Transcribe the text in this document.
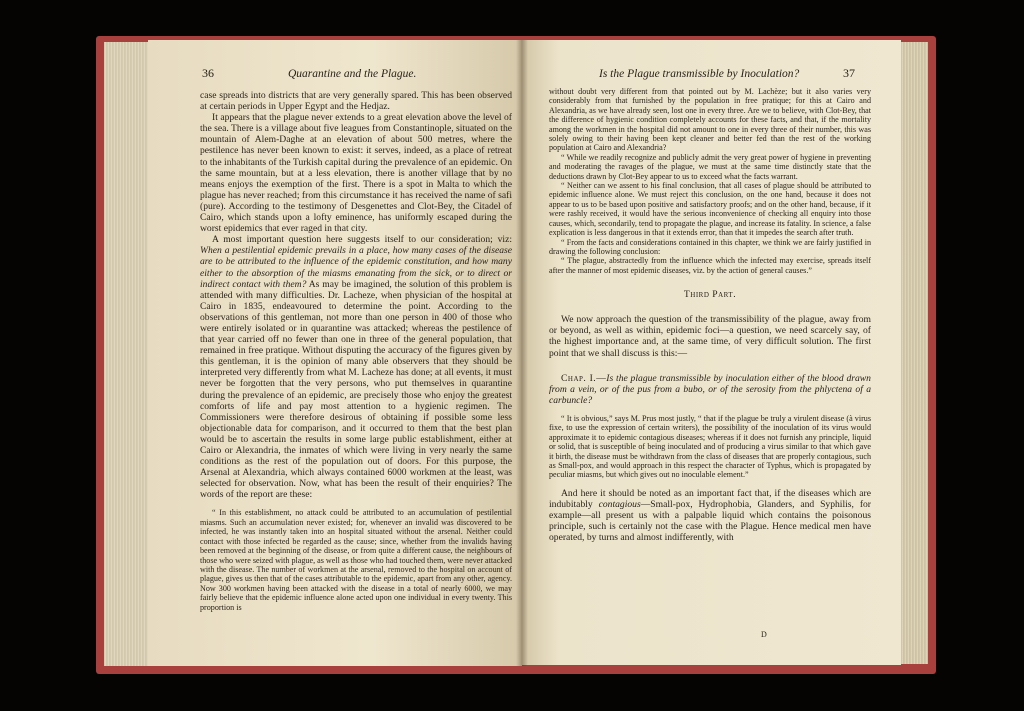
36	Quarantine and the Plague.

case spreads into districts that are very generally spared. This has been observed at certain periods in Upper Egypt and the Hedjaz.

It appears that the plague never extends to a great elevation above the level of the sea. There is a village about five leagues from Constantinople, situated on the mountain of Alem-Daghe at an elevation of about 500 metres, where the pestilence has never been known to exist: it serves, indeed, as a place of retreat to the inhabitants of the Turkish capital during the prevalence of an epidemic. On the same mountain, but at a less elevation, there is another village that by no means enjoys the exemption of the first. There is a spot in Malta to which the plague has never reached; from this circumstance it has received the name of safi (pure). According to the testimony of Desgenettes and Clot-Bey, the Citadel of Cairo, which stands upon a lofty eminence, has uniformly escaped during the worst epidemics that ever raged in that city.

A most important question here suggests itself to our consideration; viz: When a pestilential epidemic prevails in a place, how many cases of the disease are to be attributed to the influence of the epidemic constitution, and how many either to the absorption of the miasms emanating from the sick, or to direct or indirect contact with them? As may be imagined, the solution of this problem is attended with many difficulties. Dr. Lacheze, when physician of the hospital at Cairo in 1835, endeavoured to determine the point. According to the observations of this gentleman, not more than one person in 400 of those who were entirely isolated or in quarantine was attacked; whereas the pestilence of that year carried off no fewer than one in three of the general population, that remained in free pratique. Without disputing the accuracy of the figures given by this gentleman, it is the opinion of many able observers that they should be interpreted very differently from what M. Lacheze has done; at all events, it must never be forgotten that the very persons, who put themselves in quarantine during the prevalence of an epidemic, are precisely those who enjoy the greatest comforts of life and pay most attention to a hygienic regimen. The Commissioners were therefore desirous of obtaining if possible some less objectionable data for comparison, and it occurred to them that the best plan would be to ascertain the results in some large public establishment, either at Cairo or Alexandria, the inmates of which were living in very nearly the same conditions as the rest of the population out of doors. For this purpose, the Arsenal at Alexandria, which always contained 6000 workmen at the least, was selected for observation. Now, what has been the result of their enquiries? The words of the report are these:

“ In this establishment, no attack could be attributed to an accumulation of pestilential miasms. Such an accumulation never existed; for, whenever an invalid was discovered to be infected, he was instantly taken into an hospital situated without the arsenal. Neither could contact with those infected be regarded as the cause; since, whether from the invalids having been removed at the beginning of the disease, or from quite a different cause, the neighbours of those who were seized with plague, as well as those who had touched them, were never attacked with the disease. The number of workmen at the arsenal, removed to the hospital on account of plague, gives us then that of the cases attributable to the epidemic, apart from any other, agency. Now 300 workmen having been attacked with the disease in a total of nearly 6000, we may fairly believe that the epidemic influence alone acted upon one individual in every twenty. This proportion is

Is the Plague transmissible by Inoculation?	37

without doubt very different from that pointed out by M. Lachèze; but it also varies very considerably from that furnished by the population in free pratique; for this at Cairo and Alexandria, as we have already seen, lost one in every three. Are we to believe, with Clot-Bey, that the difference of hygienic condition completely accounts for these facts, and that, if the mortality among the workmen in the hospital did not amount to one in every three of their number, this was solely owing to their having been kept cleaner and better fed than the rest of the working population at Cairo and Alexandria?

“ While we readily recognize and publicly admit the very great power of hygiene in preventing and moderating the ravages of the plague, we must at the same time distinctly state that the deductions drawn by Clot-Bey appear to us to exceed what the facts warrant.

“ Neither can we assent to his final conclusion, that all cases of plague should be attributed to epidemic influence alone. We must reject this conclusion, on the one hand, because it does not appear to us to be based upon positive and satisfactory proofs; and on the other hand, because, if it were rashly received, it would have the serious inconvenience of checking all enquiry into those causes, which, secondarily, tend to propagate the plague, and increase its fatality. In science, a false explication is less dangerous in that it extends error, than that it impedes the search after truth.

“ From the facts and considerations contained in this chapter, we think we are fairly justified in drawing the following conclusion:

“ The plague, abstractedly from the influence which the infected may exercise, spreads itself after the manner of most epidemic diseases, viz. by the action of general causes.”

Third Part.

We now approach the question of the transmissibility of the plague, away from or beyond, as well as within, epidemic foci—a question, we need scarcely say, of the highest importance and, at the same time, of very difficult solution. The first point that we shall discuss is this:—

Chap. I.—Is the plague transmissible by inoculation either of the blood drawn from a vein, or of the pus from a bubo, or of the serosity from the phlyctena of a carbuncle?

“ It is obvious,” says M. Prus most justly, “ that if the plague be truly a virulent disease (à virus fixe, to use the expression of certain writers), the possibility of the inoculation of its virus would approximate it to epidemic contagious diseases; whereas if it does not furnish any principle, liquid or solid, that is susceptible of being inoculated and of producing a virus similar to that which gave it birth, the disease must be withdrawn from the class of diseases that are properly contagious, such as Small-pox, and would approach in this respect the character of Typhus, which is propagated by peculiar miasms, but which gives out no inoculable element.”

And here it should be noted as an important fact that, if the diseases which are indubitably contagious—Small-pox, Hydrophobia, Glanders, and Syphilis, for example—all present us with a palpable liquid which contains the poisonous principle, such is certainly not the case with the Plague. Hence medical men have operated, by turns and almost indifferently, with

D
